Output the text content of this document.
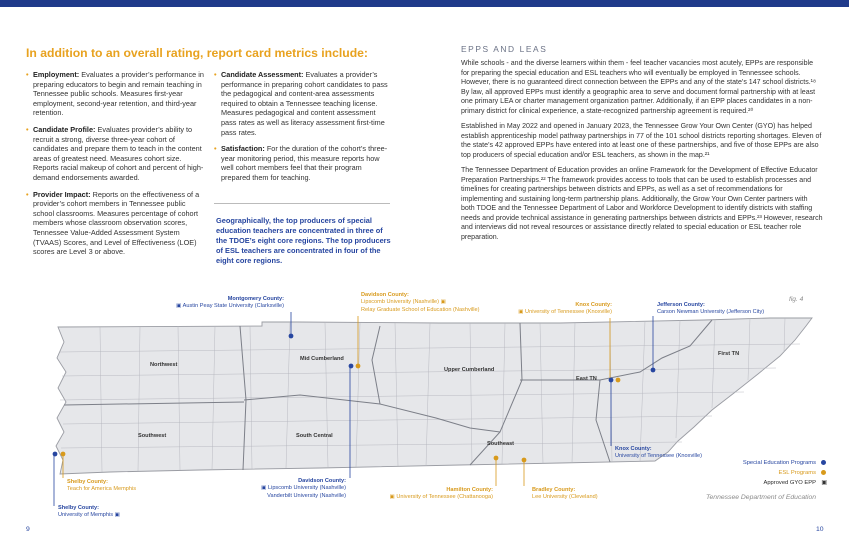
In addition to an overall rating, report card metrics include:
• Employment: Evaluates a provider’s performance in preparing educators to begin and remain teaching in Tennessee public schools. Measures first-year employment, second-year retention, and third-year retention.
• Candidate Profile: Evaluates provider’s ability to recruit a strong, diverse three-year cohort of candidates and prepare them to teach in the content areas of greatest need. Measures cohort size. Reports racial makeup of cohort and percent of high-demand endorsements awarded.
• Provider Impact: Reports on the effectiveness of a provider’s cohort members in Tennessee public school classrooms. Measures percentage of cohort members whose classroom observation scores, Tennessee Value-Added Assessment System (TVAAS) Scores, and Level of Effectiveness (LOE) scores are Level 3 or above.
• Candidate Assessment: Evaluates a provider’s performance in preparing cohort candidates to pass the pedagogical and content-area assessments required to obtain a Tennessee teaching license. Measures pedagogical and content assessment pass rates as well as literacy assessment first-time pass rates.
• Satisfaction: For the duration of the cohort’s three-year monitoring period, this measure reports how well cohort members feel that their program prepared them for teaching.
Geographically, the top producers of special education teachers are concentrated in three of the TDOE’s eight core regions. The top producers of ESL teachers are concentrated in four of the eight core regions.
EPPS AND LEAS

While schools - and the diverse learners within them - feel teacher vacancies most acutely, EPPs are responsible for preparing the special education and ESL teachers who will eventually be employed in Tennessee schools. However, there is no guaranteed direct connection between the EPPs and any of the state’s 147 school districts.¹⁸ By law, all approved EPPs must identify a geographic area to serve and document formal partnership with at least one primary LEA or charter management organization partner. Additionally, if an EPP places candidates in a non-primary district for clinical experience, a state-recognized partnership agreement is required.²⁰

Established in May 2022 and opened in January 2023, the Tennessee Grow Your Own Center (GYO) has helped establish apprenticeship model pathway partnerships in 77 of the 101 school districts reporting shortages. Eleven of the state’s 42 approved EPPs have entered into at least one of these partnerships, and five of those EPPs are also top producers of special education and/or ESL teachers, as shown in the map.²¹

The Tennessee Department of Education provides an online Framework for the Development of Effective Educator Preparation Partnerships.²² The framework provides access to tools that can be used to establish processes and timelines for creating partnerships between districts and EPPs, as well as a set of recommendations for implementing and sustaining long-term partnership plans. Additionally, the Grow Your Own Center partners with both TDOE and the Tennessee Department of Labor and Workforce Development to identify districts with staffing needs and provide technical assistance in generating partnerships between districts and EPPs.²³ However, research and interviews did not reveal resources or assistance directly related to special education or ESL teacher role preparation.

fig. 4
Northwest
Mid Cumberland
Upper Cumberland
East TN
First TN
Southwest	South Central
Southeast
Montgomery County:
▣ Austin Peay State University (Clarksville)
Davidson County:
Lipscomb University (Nashville) ▣
Relay Graduate School of Education (Nashville)
Knox County:
▣ University of Tennessee (Knoxville)
Jefferson County:
Carson Newman University (Jefferson City)
Knox County:
University of Tennessee (Knoxville)
Shelby County:
Teach for America Memphis
Shelby County:
University of Memphis ▣
Davidson County:
▣ Lipscomb University (Nashville)
Vanderbilt University (Nashville)
Hamilton County:
▣ University of Tennessee (Chattanooga)
Bradley County:
Lee University (Cleveland)
Special Education Programs
ESL Programs
Approved GYO EPP ▣
Tennessee Department of Education
9	10
